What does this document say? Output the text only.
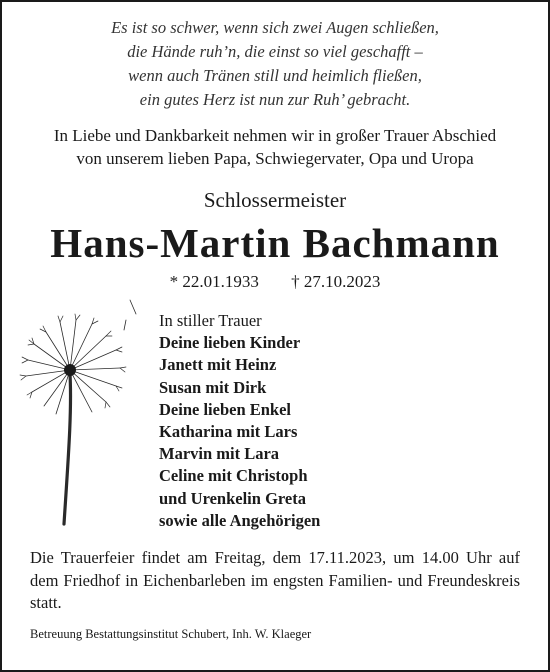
Es ist so schwer, wenn sich zwei Augen schließen,
die Hände ruh’n, die einst so viel geschafft –
wenn auch Tränen still und heimlich fließen,
ein gutes Herz ist nun zur Ruh’ gebracht.
In Liebe und Dankbarkeit nehmen wir in großer Trauer Abschied
von unserem lieben Papa, Schwiegervater, Opa und Uropa
Schlossermeister
Hans-Martin Bachmann
* 22.01.1933 † 27.10.2023
In stiller Trauer
Deine lieben Kinder
Janett mit Heinz
Susan mit Dirk
Deine lieben Enkel
Katharina mit Lars
Marvin mit Lara
Celine mit Christoph
und Urenkelin Greta
sowie alle Angehörigen
Die Trauerfeier findet am Freitag, dem 17.11.2023, um 14.00 Uhr auf dem Friedhof in Eichenbarleben im engsten Familien- und Freundeskreis statt.
Betreuung Bestattungsinstitut Schubert, Inh. W. Klaeger
